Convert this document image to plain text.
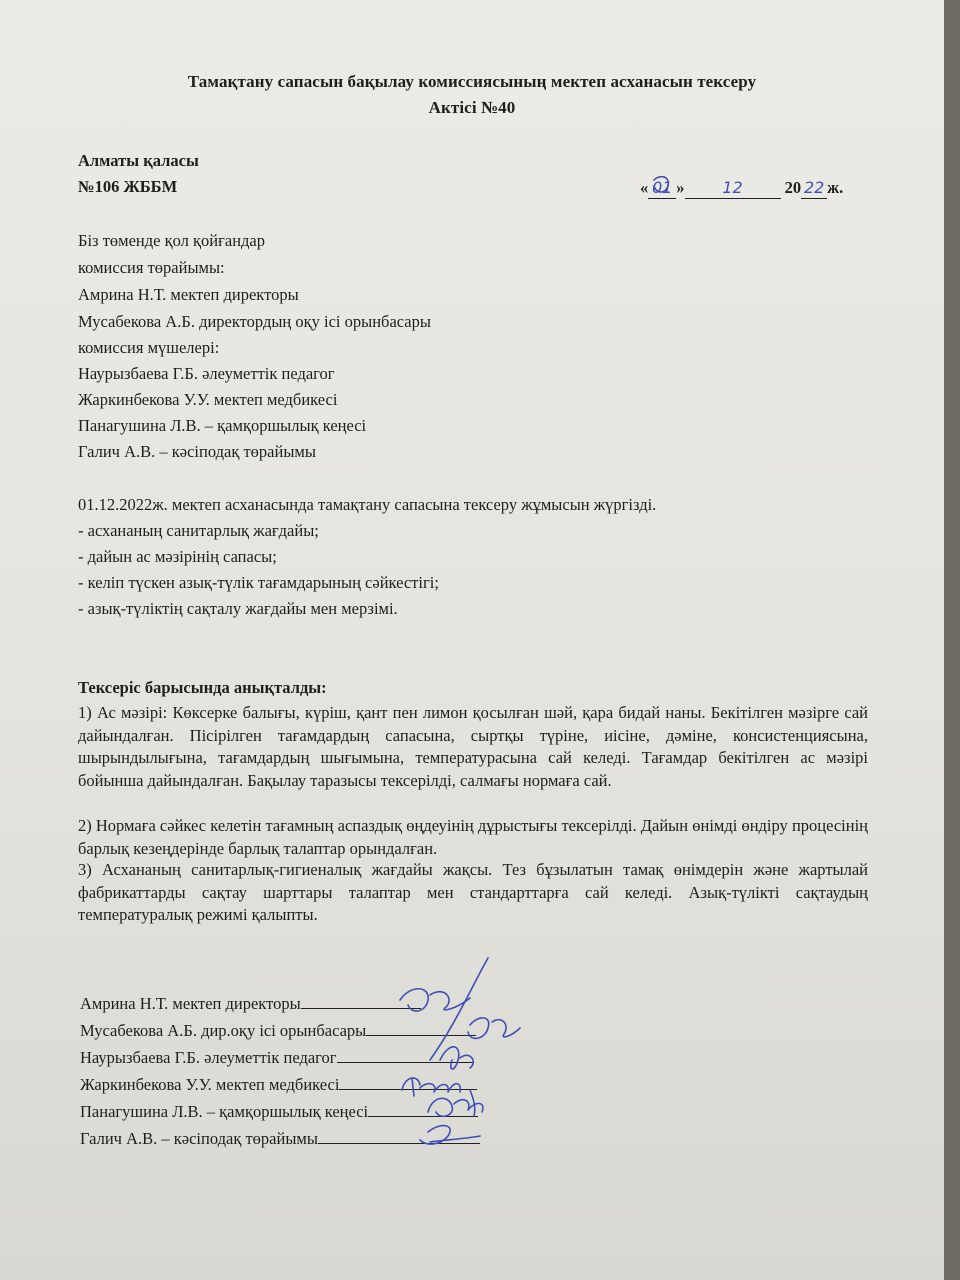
Тамақтану сапасын бақылау комиссиясының мектеп асханасын тексеру
Актісі №40
Алматы қаласы
№106 ЖББМ	« 01 » 12	20 22 ж.
Біз төменде қол қойғандар
комиссия төрайымы:
Амрина Н.Т. мектеп директоры
Мусабекова А.Б. директордың оқу ісі орынбасары
комиссия мүшелері:
Наурызбаева Г.Б. әлеуметтік педагог
Жаркинбекова У.У. мектеп медбикесі
Панагушина Л.В. – қамқоршылық кеңесі
Галич А.В. – кәсіподақ төрайымы
01.12.2022ж. мектеп асханасында тамақтану сапасына тексеру жұмысын жүргізді.
- асхананың санитарлық жағдайы;
- дайын ас мәзірінің сапасы;
- келіп түскен азық-түлік тағамдарының сәйкестігі;
- азық-түліктің сақталу жағдайы мен мерзімі.
Тексеріс барысында анықталды:
1) Ас мәзірі: Көксерке балығы, күріш, қант пен лимон қосылған шәй, қара бидай наны. Бекітілген мәзірге сай дайындалған. Пісірілген тағамдардың сапасына, сыртқы түріне, иісіне, дәміне, консистенциясына, шырындылығына, тағамдардың шығымына, температурасына сай келеді. Тағамдар бекітілген ас мәзірі бойынша дайындалған. Бақылау таразысы тексерілді, салмағы нормаға сай.
2) Нормаға сәйкес келетін тағамның аспаздық өңдеуінің дұрыстығы тексерілді. Дайын өнімді өндіру процесінің барлық кезеңдерінде барлық талаптар орындалған.
3) Асхананың санитарлық-гигиеналық жағдайы жақсы. Тез бұзылатын тамақ өнімдерін және жартылай фабрикаттарды сақтау шарттары талаптар мен стандарттарға сай келеді. Азық-түлікті сақтаудың температуралық режимі қалыпты.
Амрина Н.Т. мектеп директоры
Мусабекова А.Б. дир.оқу ісі орынбасары
Наурызбаева Г.Б. әлеуметтік педагог
Жаркинбекова У.У. мектеп медбикесі
Панагушина Л.В. – қамқоршылық кеңесі
Галич А.В. – кәсіподақ төрайымы
